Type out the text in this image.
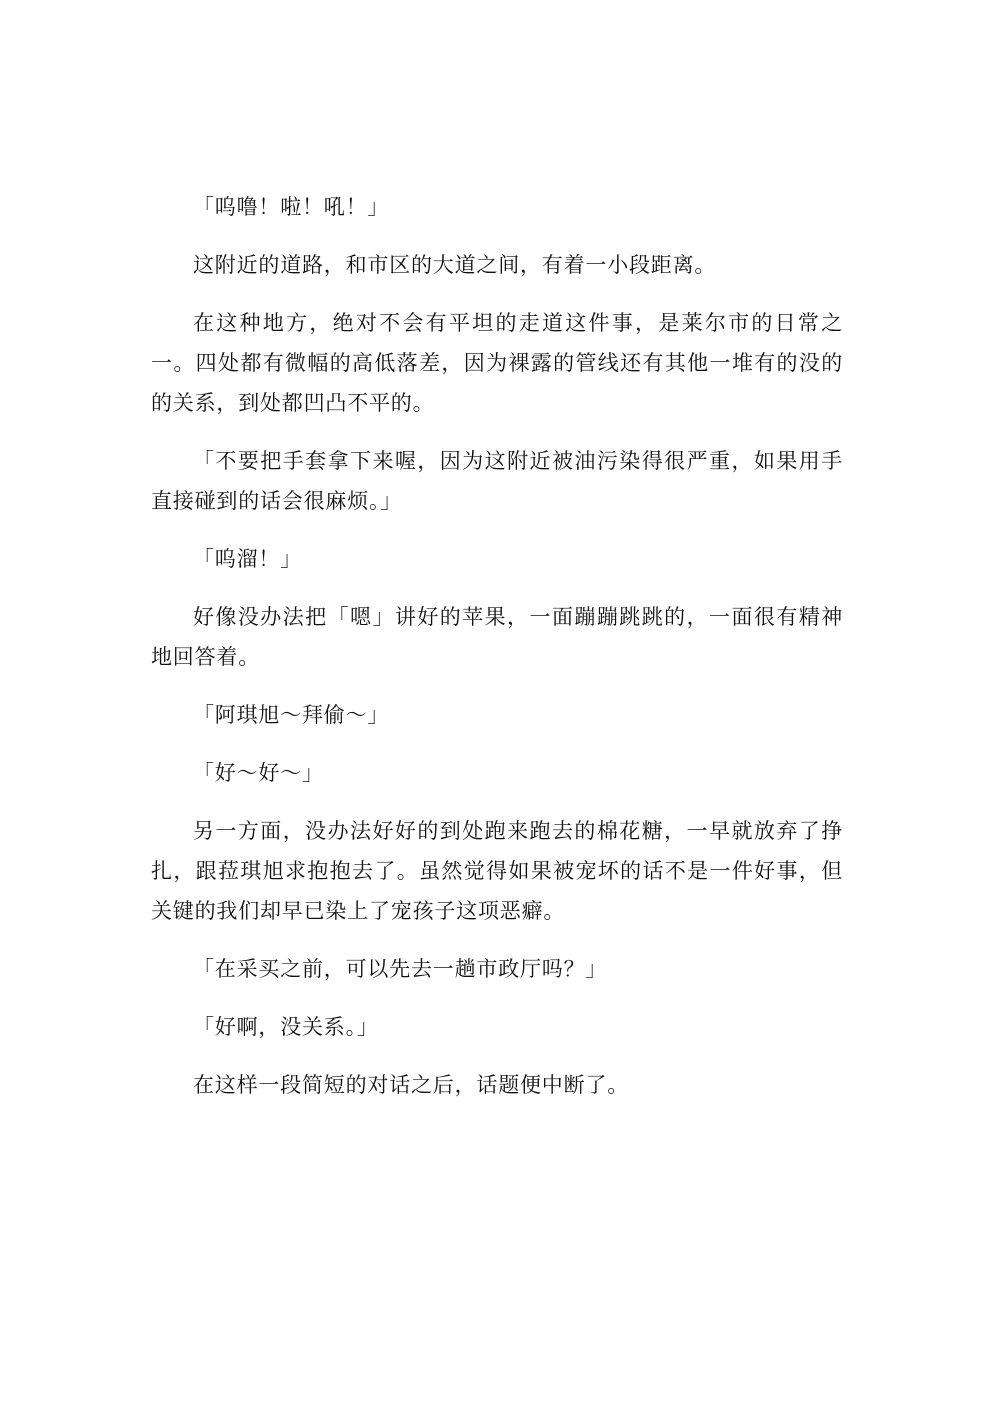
「呜噜！啦！吼！」

这附近的道路，和市区的大道之间，有着一小段距离。

在这种地方，绝对不会有平坦的走道这件事，是莱尔市的日常之一。四处都有微幅的高低落差，因为裸露的管线还有其他一堆有的没的的关系，到处都凹凸不平的。

「不要把手套拿下来喔，因为这附近被油污染得很严重，如果用手直接碰到的话会很麻烦。」

「呜溜！」

好像没办法把「嗯」讲好的苹果，一面蹦蹦跳跳的，一面很有精神地回答着。

「阿琪旭～拜偷～」

「好～好～」

另一方面，没办法好好的到处跑来跑去的棉花糖，一早就放弃了挣扎，跟菈琪旭求抱抱去了。虽然觉得如果被宠坏的话不是一件好事，但关键的我们却早已染上了宠孩子这项恶癖。

「在采买之前，可以先去一趟市政厅吗？」

「好啊，没关系。」

在这样一段简短的对话之后，话题便中断了。
